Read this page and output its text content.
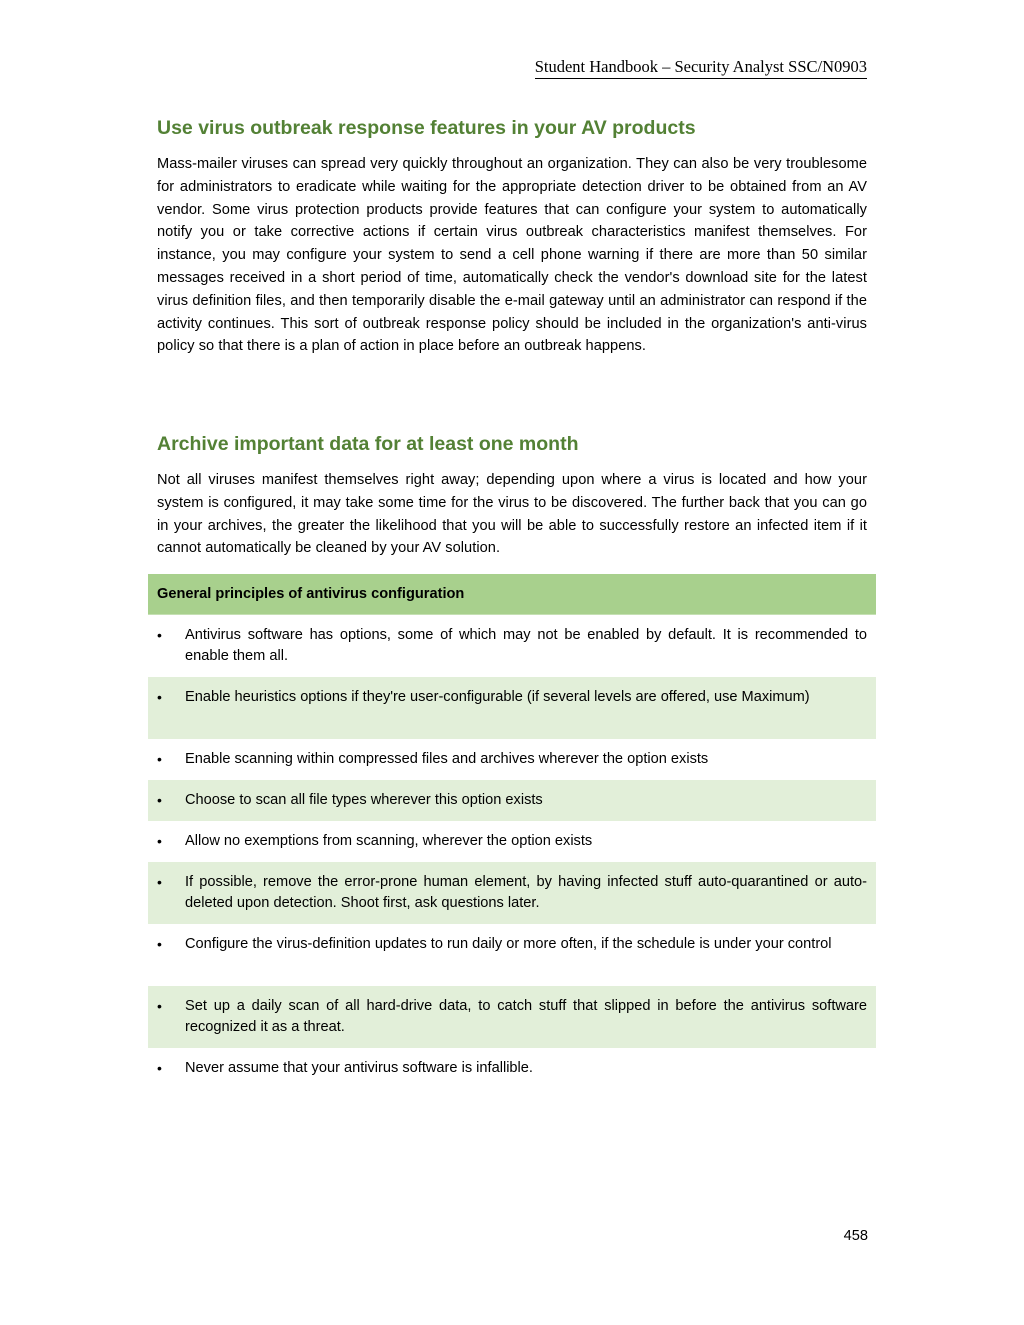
Student Handbook – Security Analyst SSC/N0903
Use virus outbreak response features in your AV products

Mass-mailer viruses can spread very quickly throughout an organization. They can also be very troublesome for administrators to eradicate while waiting for the appropriate detection driver to be obtained from an AV vendor. Some virus protection products provide features that can configure your system to automatically notify you or take corrective actions if certain virus outbreak characteristics manifest themselves. For instance, you may configure your system to send a cell phone warning if there are more than 50 similar messages received in a short period of time, automatically check the vendor's download site for the latest virus definition files, and then temporarily disable the e-mail gateway until an administrator can respond if the activity continues. This sort of outbreak response policy should be included in the organization's anti-virus policy so that there is a plan of action in place before an outbreak happens.

Archive important data for at least one month

Not all viruses manifest themselves right away; depending upon where a virus is located and how your system is configured, it may take some time for the virus to be discovered. The further back that you can go in your archives, the greater the likelihood that you will be able to successfully restore an infected item if it cannot automatically be cleaned by your AV solution.

General principles of antivirus configuration
•	Antivirus software has options, some of which may not be enabled by default. It is recommended to enable them all.
•	Enable heuristics options if they're user-configurable (if several levels are offered, use Maximum)
•	Enable scanning within compressed files and archives wherever the option exists
•	Choose to scan all file types wherever this option exists
•	Allow no exemptions from scanning, wherever the option exists
•	If possible, remove the error-prone human element, by having infected stuff auto-quarantined or auto-deleted upon detection. Shoot first, ask questions later.
•	Configure the virus-definition updates to run daily or more often, if the schedule is under your control
•	Set up a daily scan of all hard-drive data, to catch stuff that slipped in before the antivirus software recognized it as a threat.
•	Never assume that your antivirus software is infallible.
458
